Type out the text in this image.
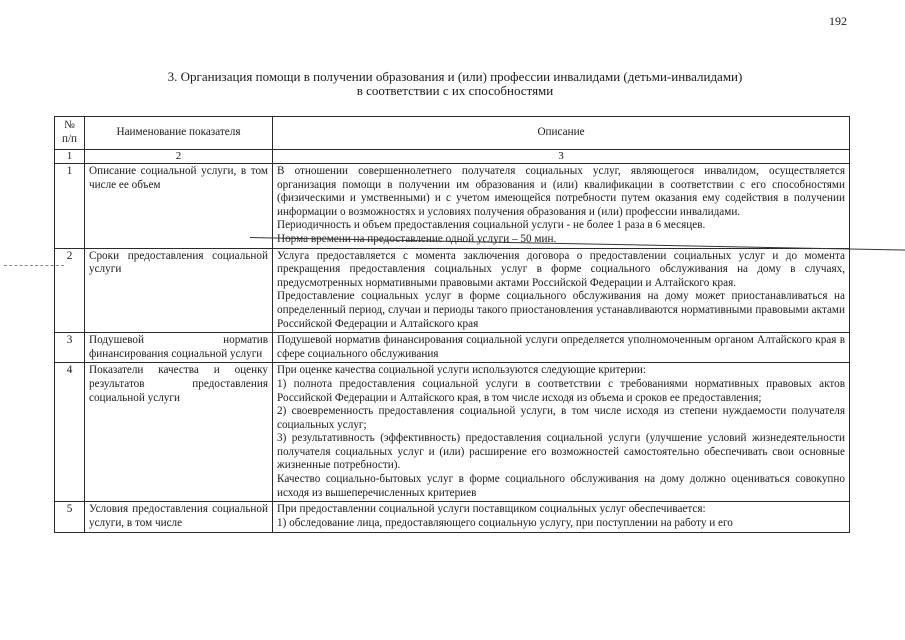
192
3. Организация помощи в получении образования и (или) профессии инвалидами (детьми-инвалидами)
в соответствии с их способностями
№ п/п	Наименование показателя	Описание
1	2	3
1	Описание социальной услуги, в том числе ее объем	В отношении совершеннолетнего получателя социальных услуг, являющегося инвалидом, осуществляется организация помощи в получении им образования и (или) квалификации в соответствии с его способностями (физическими и умственными) и с учетом имеющейся потребности путем оказания ему содействия в получении информации о возможностях и условиях получения образования и (или) профессии инвалидами.

Периодичность и объем предоставления социальной услуги - не более 1 раза в 6 месяцев.

Норма времени на предоставление одной услуги – 50 мин.

2	Сроки предоставления социальной услуги	Услуга предоставляется с момента заключения договора о предоставлении социальных услуг и до момента прекращения предоставления социальных услуг в форме социального обслуживания на дому в случаях, предусмотренных нормативными правовыми актами Российской Федерации и Алтайского края.

Предоставление социальных услуг в форме социального обслуживания на дому может приостанавливаться на определенный период, случаи и периоды такого приостановления устанавливаются нормативными правовыми актами Российской Федерации и Алтайского края

3	Подушевой норматив финансирования социальной услуги	Подушевой норматив финансирования социальной услуги определяется уполномоченным органом Алтайского края в сфере социального обслуживания

4	Показатели качества и оценку результатов предоставления социальной услуги	При оценке качества социальной услуги используются следующие критерии:

1) полнота предоставления социальной услуги в соответствии с требованиями нормативных правовых актов Российской Федерации и Алтайского края, в том числе исходя из объема и сроков ее предоставления;

2) своевременность предоставления социальной услуги, в том числе исходя из степени нуждаемости получателя социальных услуг;

3) результативность (эффективность) предоставления социальной услуги (улучшение условий жизнедеятельности получателя социальных услуг и (или) расширение его возможностей самостоятельно обеспечивать свои основные жизненные потребности).

Качество социально-бытовых услуг в форме социального обслуживания на дому должно оцениваться совокупно исходя из вышеперечисленных критериев

5	Условия предоставления социальной услуги, в том числе	При предоставлении социальной услуги поставщиком социальных услуг обеспечивается:

1) обследование лица, предоставляющего социальную услугу, при поступлении на работу и его
